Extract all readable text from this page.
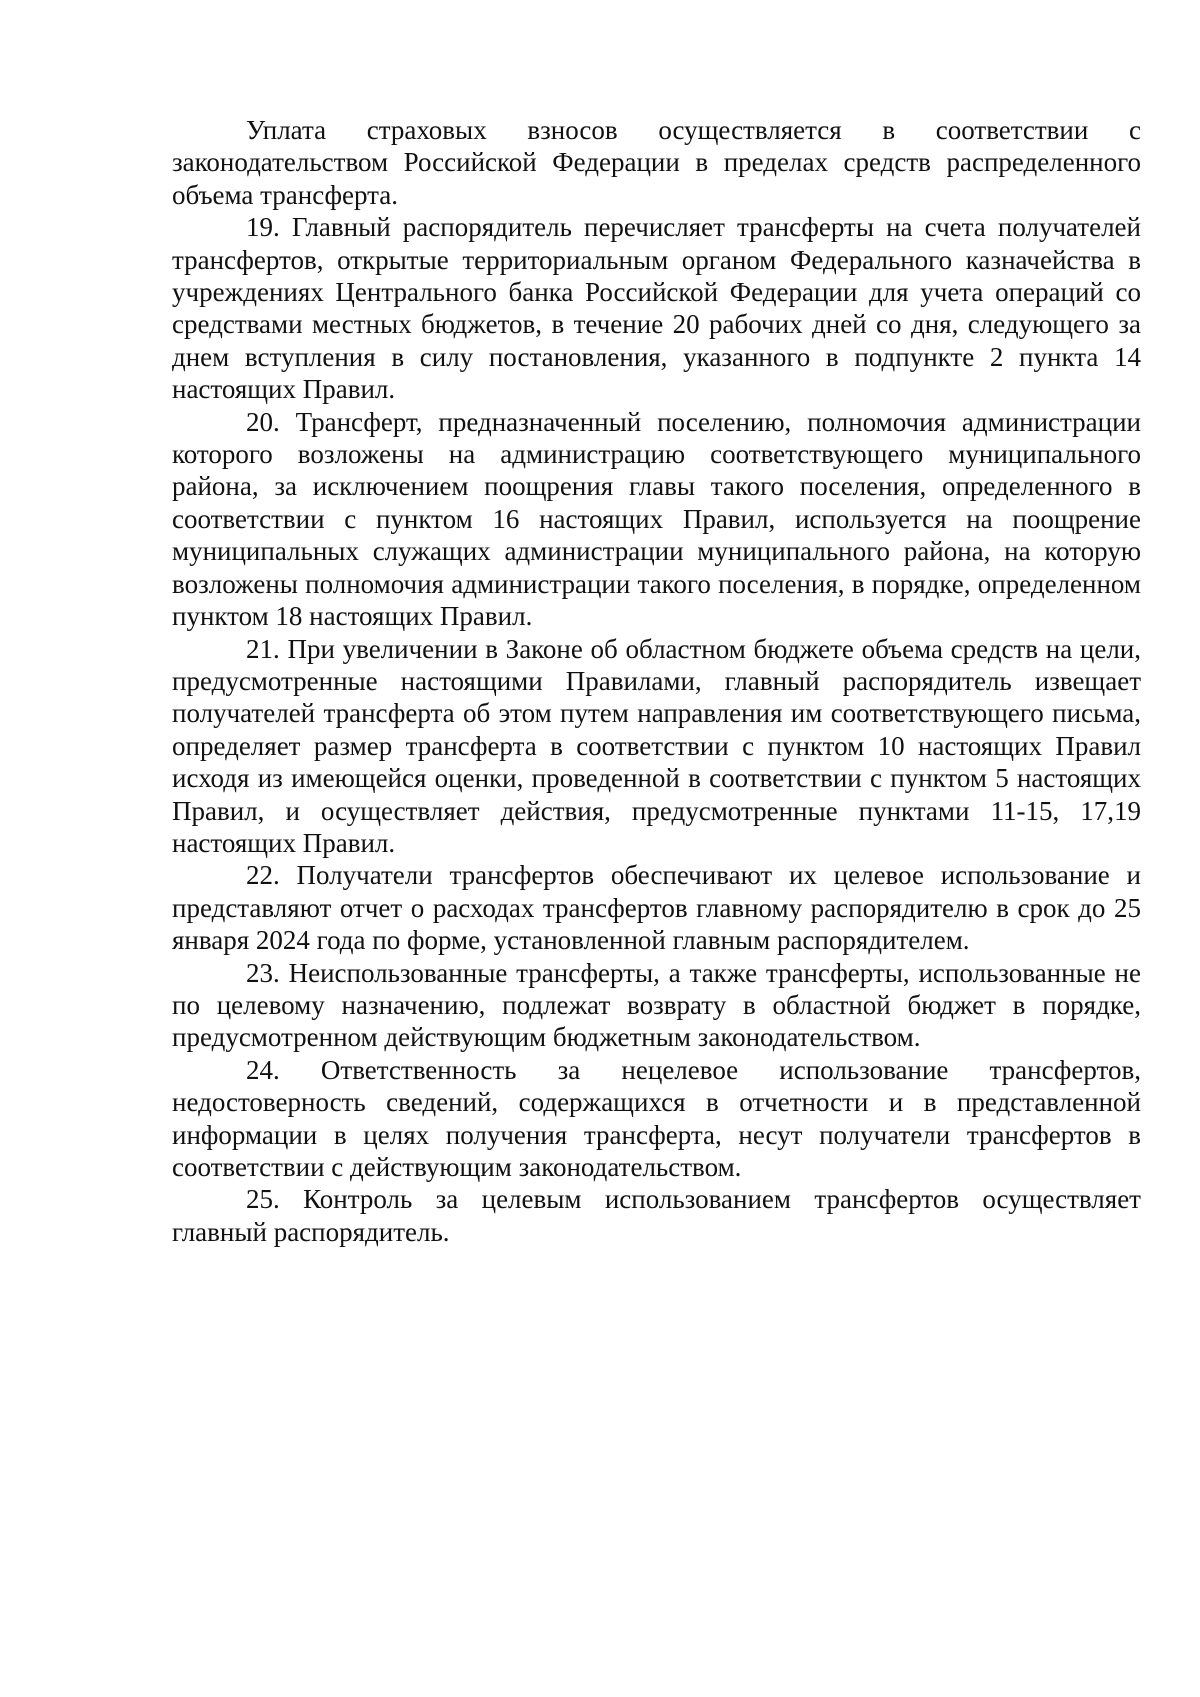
Уплата страховых взносов осуществляется в соответствии с законодательством Российской Федерации в пределах средств распределенного объема трансферта.

19. Главный распорядитель перечисляет трансферты на счета получателей трансфертов, открытые территориальным органом Федерального казначейства в учреждениях Центрального банка Российской Федерации для учета операций со средствами местных бюджетов, в течение 20 рабочих дней со дня, следующего за днем вступления в силу постановления, указанного в подпункте 2 пункта 14 настоящих Правил.

20. Трансферт, предназначенный поселению, полномочия администрации которого возложены на администрацию соответствующего муниципального района, за исключением поощрения главы такого поселения, определенного в соответствии с пунктом 16 настоящих Правил, используется на поощрение муниципальных служащих администрации муниципального района, на которую возложены полномочия администрации такого поселения, в порядке, определенном пунктом 18 настоящих Правил.

21. При увеличении в Законе об областном бюджете объема средств на цели, предусмотренные настоящими Правилами, главный распорядитель извещает получателей трансферта об этом путем направления им соответствующего письма, определяет размер трансферта в соответствии с пунктом 10 настоящих Правил исходя из имеющейся оценки, проведенной в соответствии с пунктом 5 настоящих Правил, и осуществляет действия, предусмотренные пунктами 11-15, 17,19 настоящих Правил.

22. Получатели трансфертов обеспечивают их целевое использование и представляют отчет о расходах трансфертов главному распорядителю в срок до 25 января 2024 года по форме, установленной главным распорядителем.

23. Неиспользованные трансферты, а также трансферты, использованные не по целевому назначению, подлежат возврату в областной бюджет в порядке, предусмотренном действующим бюджетным законодательством.

24. Ответственность за нецелевое использование трансфертов, недостоверность сведений, содержащихся в отчетности и в представленной информации в целях получения трансферта, несут получатели трансфертов в соответствии с действующим законодательством.

25. Контроль за целевым использованием трансфертов осуществляет главный распорядитель.
